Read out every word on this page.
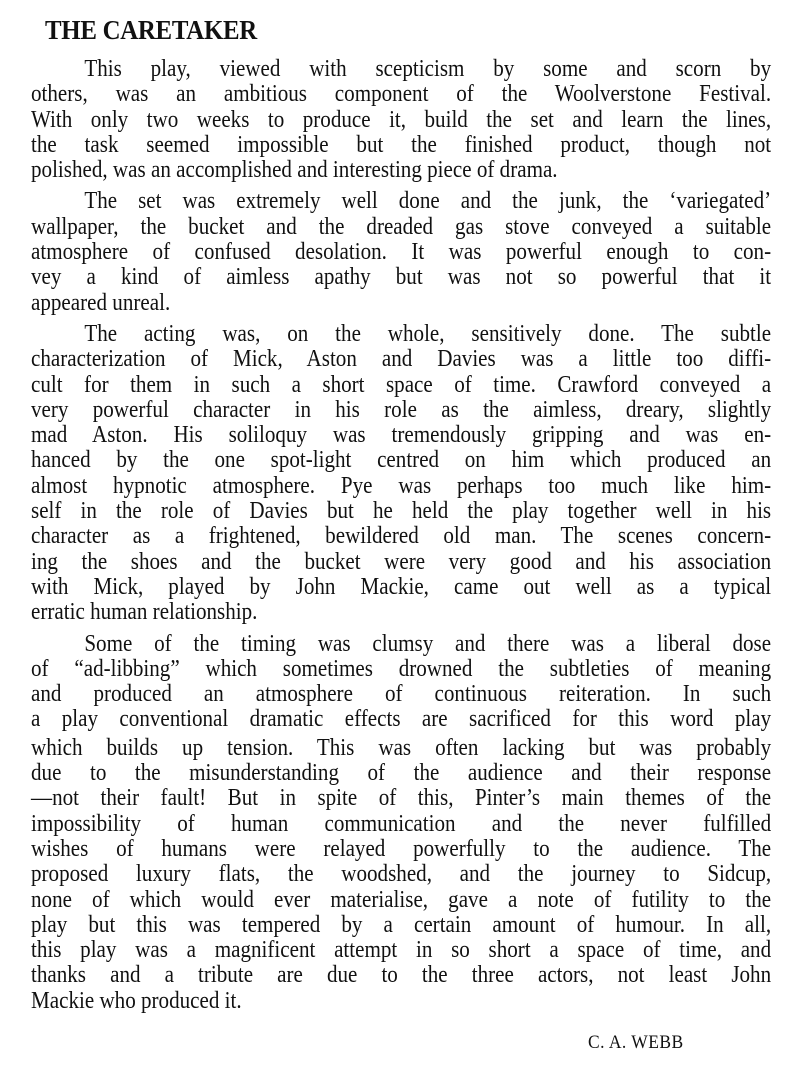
THE CARETAKER

This play, viewed with scepticism by some and scorn by
others, was an ambitious component of the Woolverstone Festival.
With only two weeks to produce it, build the set and learn the lines,
the task seemed impossible but the finished product, though not
polished, was an accomplished and interesting piece of drama.

The set was extremely well done and the junk, the ‘variegated’
wallpaper, the bucket and the dreaded gas stove conveyed a suitable
atmosphere of confused desolation. It was powerful enough to con-
vey a kind of aimless apathy but was not so powerful that it
appeared unreal.

The acting was, on the whole, sensitively done. The subtle
characterization of Mick, Aston and Davies was a little too diffi-
cult for them in such a short space of time. Crawford conveyed a
very powerful character in his role as the aimless, dreary, slightly
mad Aston. His soliloquy was tremendously gripping and was en-
hanced by the one spot-light centred on him which produced an
almost hypnotic atmosphere. Pye was perhaps too much like him-
self in the role of Davies but he held the play together well in his
character as a frightened, bewildered old man. The scenes concern-
ing the shoes and the bucket were very good and his association
with Mick, played by John Mackie, came out well as a typical
erratic human relationship.

Some of the timing was clumsy and there was a liberal dose
of “ad-libbing” which sometimes drowned the subtleties of meaning
and produced an atmosphere of continuous reiteration. In such
a play conventional dramatic effects are sacrificed for this word play
which builds up tension. This was often lacking but was probably
due to the misunderstanding of the audience and their response
—not their fault! But in spite of this, Pinter’s main themes of the
impossibility of human communication and the never fulfilled
wishes of humans were relayed powerfully to the audience. The
proposed luxury flats, the woodshed, and the journey to Sidcup,
none of which would ever materialise, gave a note of futility to the
play but this was tempered by a certain amount of humour. In all,
this play was a magnificent attempt in so short a space of time, and
thanks and a tribute are due to the three actors, not least John
Mackie who produced it.

C. A. WEBB
